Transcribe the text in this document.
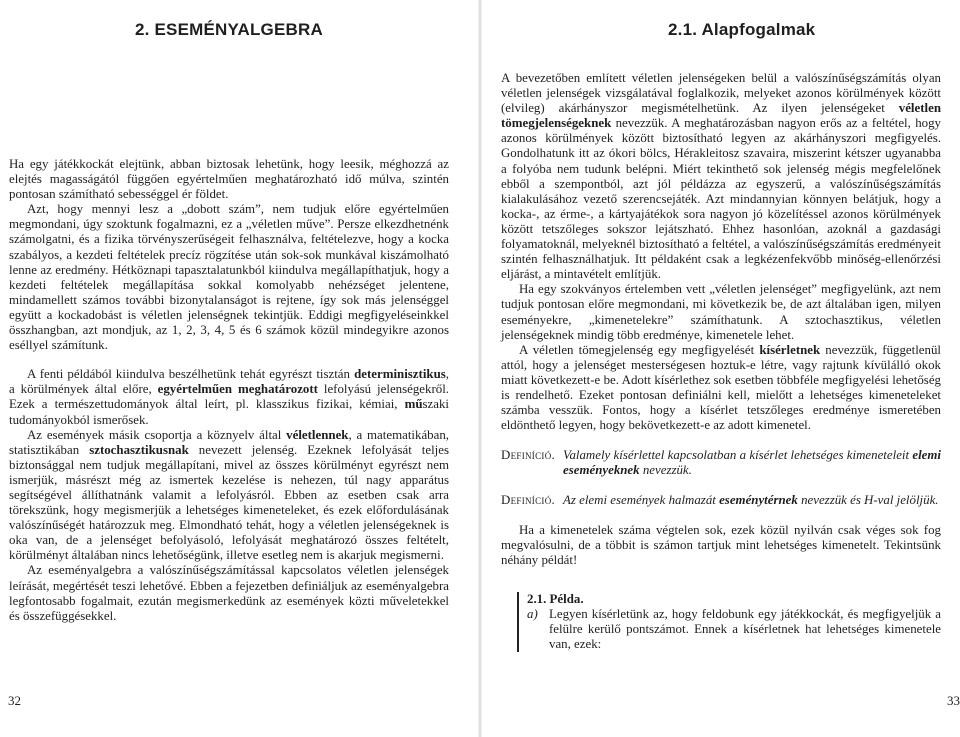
2. ESEMÉNYALGEBRA

Ha egy játékkockát elejtünk, abban biztosak lehetünk, hogy leesik, méghozzá az elejtés magasságától függően egyértelműen meghatározható idő múlva, szintén pontosan számítható sebességgel ér földet.

Azt, hogy mennyi lesz a „dobott szám”, nem tudjuk előre egyértelműen megmondani, úgy szoktunk fogalmazni, ez a „véletlen műve”. Persze elkezdhetnénk számolgatni, és a fizika törvényszerűségeit felhasználva, feltételezve, hogy a kocka szabályos, a kezdeti feltételek precíz rögzítése után sok-sok munkával kiszámolható lenne az eredmény. Hétköznapi tapasztalatunkból kiindulva megállapíthatjuk, hogy a kezdeti feltételek megállapítása sokkal komolyabb nehézséget jelentene, mindamellett számos további bizonytalanságot is rejtene, így sok más jelenséggel együtt a kockadobást is véletlen jelenségnek tekintjük. Eddigi megfigyeléseinkkel összhangban, azt mondjuk, az 1, 2, 3, 4, 5 és 6 számok közül mindegyikre azonos eséllyel számítunk.

A fenti példából kiindulva beszélhetünk tehát egyrészt tisztán determinisztikus, a körülmények által előre, egyértelműen meghatározott lefolyású jelenségekről. Ezek a természettudományok által leírt, pl. klasszikus fizikai, kémiai, műszaki tudományokból ismerősek.

Az események másik csoportja a köznyelv által véletlennek, a matematikában, statisztikában sztochasztikusnak nevezett jelenség. Ezeknek lefolyását teljes biztonsággal nem tudjuk megállapítani, mivel az összes körülményt egyrészt nem ismerjük, másrészt még az ismertek kezelése is nehezen, túl nagy apparátus segítségével állíthatnánk valamit a lefolyásról. Ebben az esetben csak arra törekszünk, hogy megismerjük a lehetséges kimeneteleket, és ezek előfordulásának valószínűségét határozzuk meg. Elmondható tehát, hogy a véletlen jelenségeknek is oka van, de a jelenséget befolyásoló, lefolyását meghatározó összes feltételt, körülményt általában nincs lehetőségünk, illetve esetleg nem is akarjuk megismerni.

Az eseményalgebra a valószínűségszámítással kapcsolatos véletlen jelenségek leírását, megértését teszi lehetővé. Ebben a fejezetben definiáljuk az eseményalgebra legfontosabb fogalmait, ezután megismerkedünk az események közti műveletekkel és összefüggésekkel.

32
2.1. Alapfogalmak

A bevezetőben említett véletlen jelenségeken belül a valószínűségszámítás olyan véletlen jelenségek vizsgálatával foglalkozik, melyeket azonos körülmények között (elvileg) akárhányszor megismételhetünk. Az ilyen jelenségeket véletlen tömegjelenségeknek nevezzük. A meghatározásban nagyon erős az a feltétel, hogy azonos körülmények között biztosítható legyen az akárhányszori megfigyelés. Gondolhatunk itt az ókori bölcs, Hérakleitosz szavaira, miszerint kétszer ugyanabba a folyóba nem tudunk belépni. Miért tekinthető sok jelenség mégis megfelelőnek ebből a szempontból, azt jól példázza az egyszerű, a valószínűségszámítás kialakulásához vezető szerencsejáték. Azt mindannyian könnyen belátjuk, hogy a kocka-, az érme-, a kártyajátékok sora nagyon jó közelítéssel azonos körülmények között tetszőleges sokszor lejátszható. Ehhez hasonlóan, azoknál a gazdasági folyamatoknál, melyeknél biztosítható a feltétel, a valószínűségszámítás eredményeit szintén felhasználhatjuk. Itt példaként csak a legkézenfekvőbb minőség-ellenőrzési eljárást, a mintavételt említjük.

Ha egy szokványos értelemben vett „véletlen jelenséget” megfigyelünk, azt nem tudjuk pontosan előre megmondani, mi következik be, de azt általában igen, milyen eseményekre, „kimenetelekre” számíthatunk. A sztochasztikus, véletlen jelenségeknek mindig több eredménye, kimenetele lehet.

A véletlen tömegjelenség egy megfigyelését kísérletnek nevezzük, függetlenül attól, hogy a jelenséget mesterségesen hoztuk-e létre, vagy rajtunk kívülálló okok miatt következett-e be. Adott kísérlethez sok esetben többféle megfigyelési lehetőség is rendelhető. Ezeket pontosan definiálni kell, mielőtt a lehetséges kimeneteleket számba vesszük. Fontos, hogy a kísérlet tetszőleges eredménye ismeretében eldönthető legyen, hogy bekövetkezett-e az adott kimenetel.

Definíció. Valamely kísérlettel kapcsolatban a kísérlet lehetséges kimeneteleit elemi eseményeknek nevezzük.
Definíció. Az elemi események halmazát eseménytérnek nevezzük és H-val jelöljük.

Ha a kimenetelek száma végtelen sok, ezek közül nyilván csak véges sok fog megvalósulni, de a többit is számon tartjuk mint lehetséges kimenetelt. Tekintsünk néhány példát!

2.1. Példa.
a) Legyen kísérletünk az, hogy feldobunk egy játékkockát, és megfigyeljük a felülre kerülő pontszámot. Ennek a kísérletnek hat lehetséges kimenetele van, ezek:
33
